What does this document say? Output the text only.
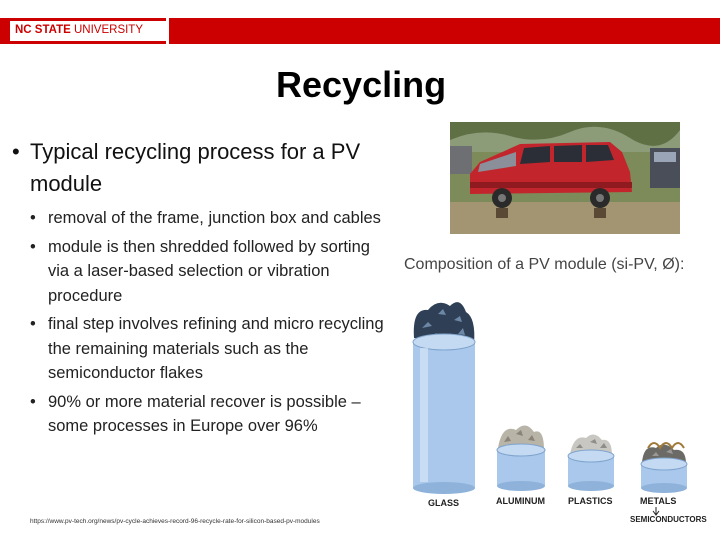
NC STATE UNIVERSITY
Recycling

• Typical recycling process for a PV module

• removal of the frame, junction box and cables

• module is then shredded followed by sorting via a laser-based selection or vibration procedure

• final step involves refining and micro recycling the remaining materials such as the semiconductor flakes

• 90% or more material recover is possible – some processes in Europe over 96%

https://www.pv-tech.org/news/pv-cycle-achieves-record-96-recycle-rate-for-silicon-based-pv-modules
Composition of a PV module (si-PV, Ø):
GLASS	ALUMINUM	PLASTICS	METALS
SEMICONDUCTORS
